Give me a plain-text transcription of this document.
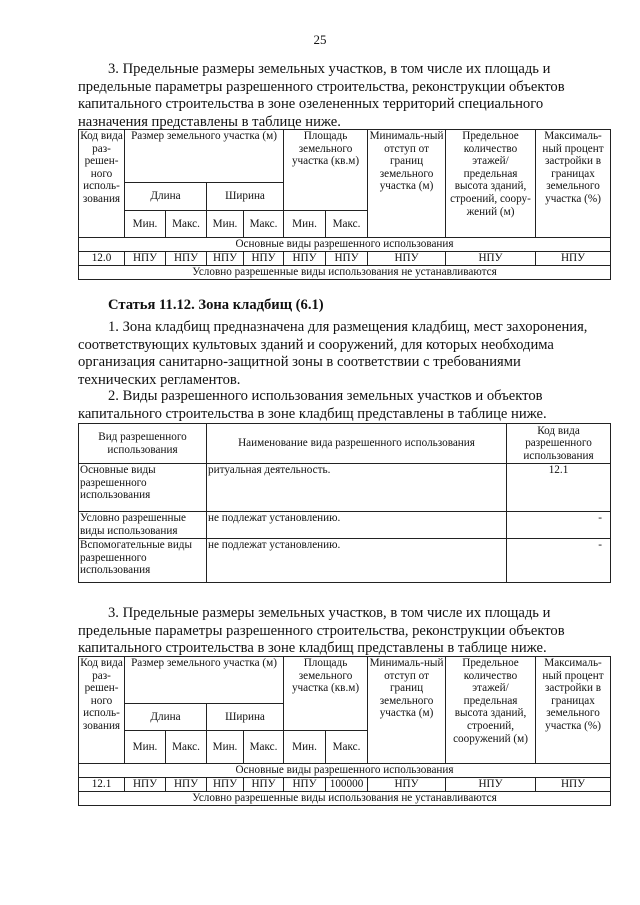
25
3. Предельные размеры земельных участков, в том числе их площадь и
предельные параметры разрешенного строительства, реконструкции объектов
капитального строительства в зоне озелененных территорий специального
назначения представлены в таблице ниже.
Код вида раз-решен-ного исполь-зования	Размер земельного участка (м)				Площадь земельного участка (кв.м)		Минималь-ный отступ от границ земельного участка (м)	Предельное количество этажей/ предельная высота зданий, строений, соору-жений (м)	Максималь-ный процент застройки в границах земельного участка (%)
	Длина		Ширина						
	Мин.	Макс.	Мин.	Макс.	Мин.	Макс.			
Основные виды разрешенного использования									
12.0	НПУ	НПУ	НПУ	НПУ	НПУ	НПУ	НПУ	НПУ	НПУ
Условно разрешенные виды использования не устанавливаются									
Статья 11.12. Зона кладбищ (6.1)
1. Зона кладбищ предназначена для размещения кладбищ, мест захоронения,
соответствующих культовых зданий и сооружений, для которых необходима
организация санитарно-защитной зоны в соответствии с требованиями
технических регламентов.
2. Виды разрешенного использования земельных участков и объектов
капитального строительства в зоне кладбищ представлены в таблице ниже.
Вид разрешенного использования	Наименование вида разрешенного использования	Код вида разрешенного использования
Основные виды разрешенного использования	ритуальная деятельность.	12.1
Условно разрешенные виды использования	не подлежат установлению.	-
Вспомогательные виды разрешенного использования	не подлежат установлению.	-
3. Предельные размеры земельных участков, в том числе их площадь и
предельные параметры разрешенного строительства, реконструкции объектов
капитального строительства в зоне кладбищ представлены в таблице ниже.
Код вида раз-решен-ного исполь-зования	Размер земельного участка (м)				Площадь земельного участка (кв.м)		Минималь-ный отступ от границ земельного участка (м)	Предельное количество этажей/ предельная высота зданий, строений, сооружений (м)	Максималь-ный процент застройки в границах земельного участка (%)
	Длина		Ширина						
	Мин.	Макс.	Мин.	Макс.	Мин.	Макс.			
Основные виды разрешенного использования									
12.1	НПУ	НПУ	НПУ	НПУ	НПУ	100000	НПУ	НПУ	НПУ
Условно разрешенные виды использования не устанавливаются									
